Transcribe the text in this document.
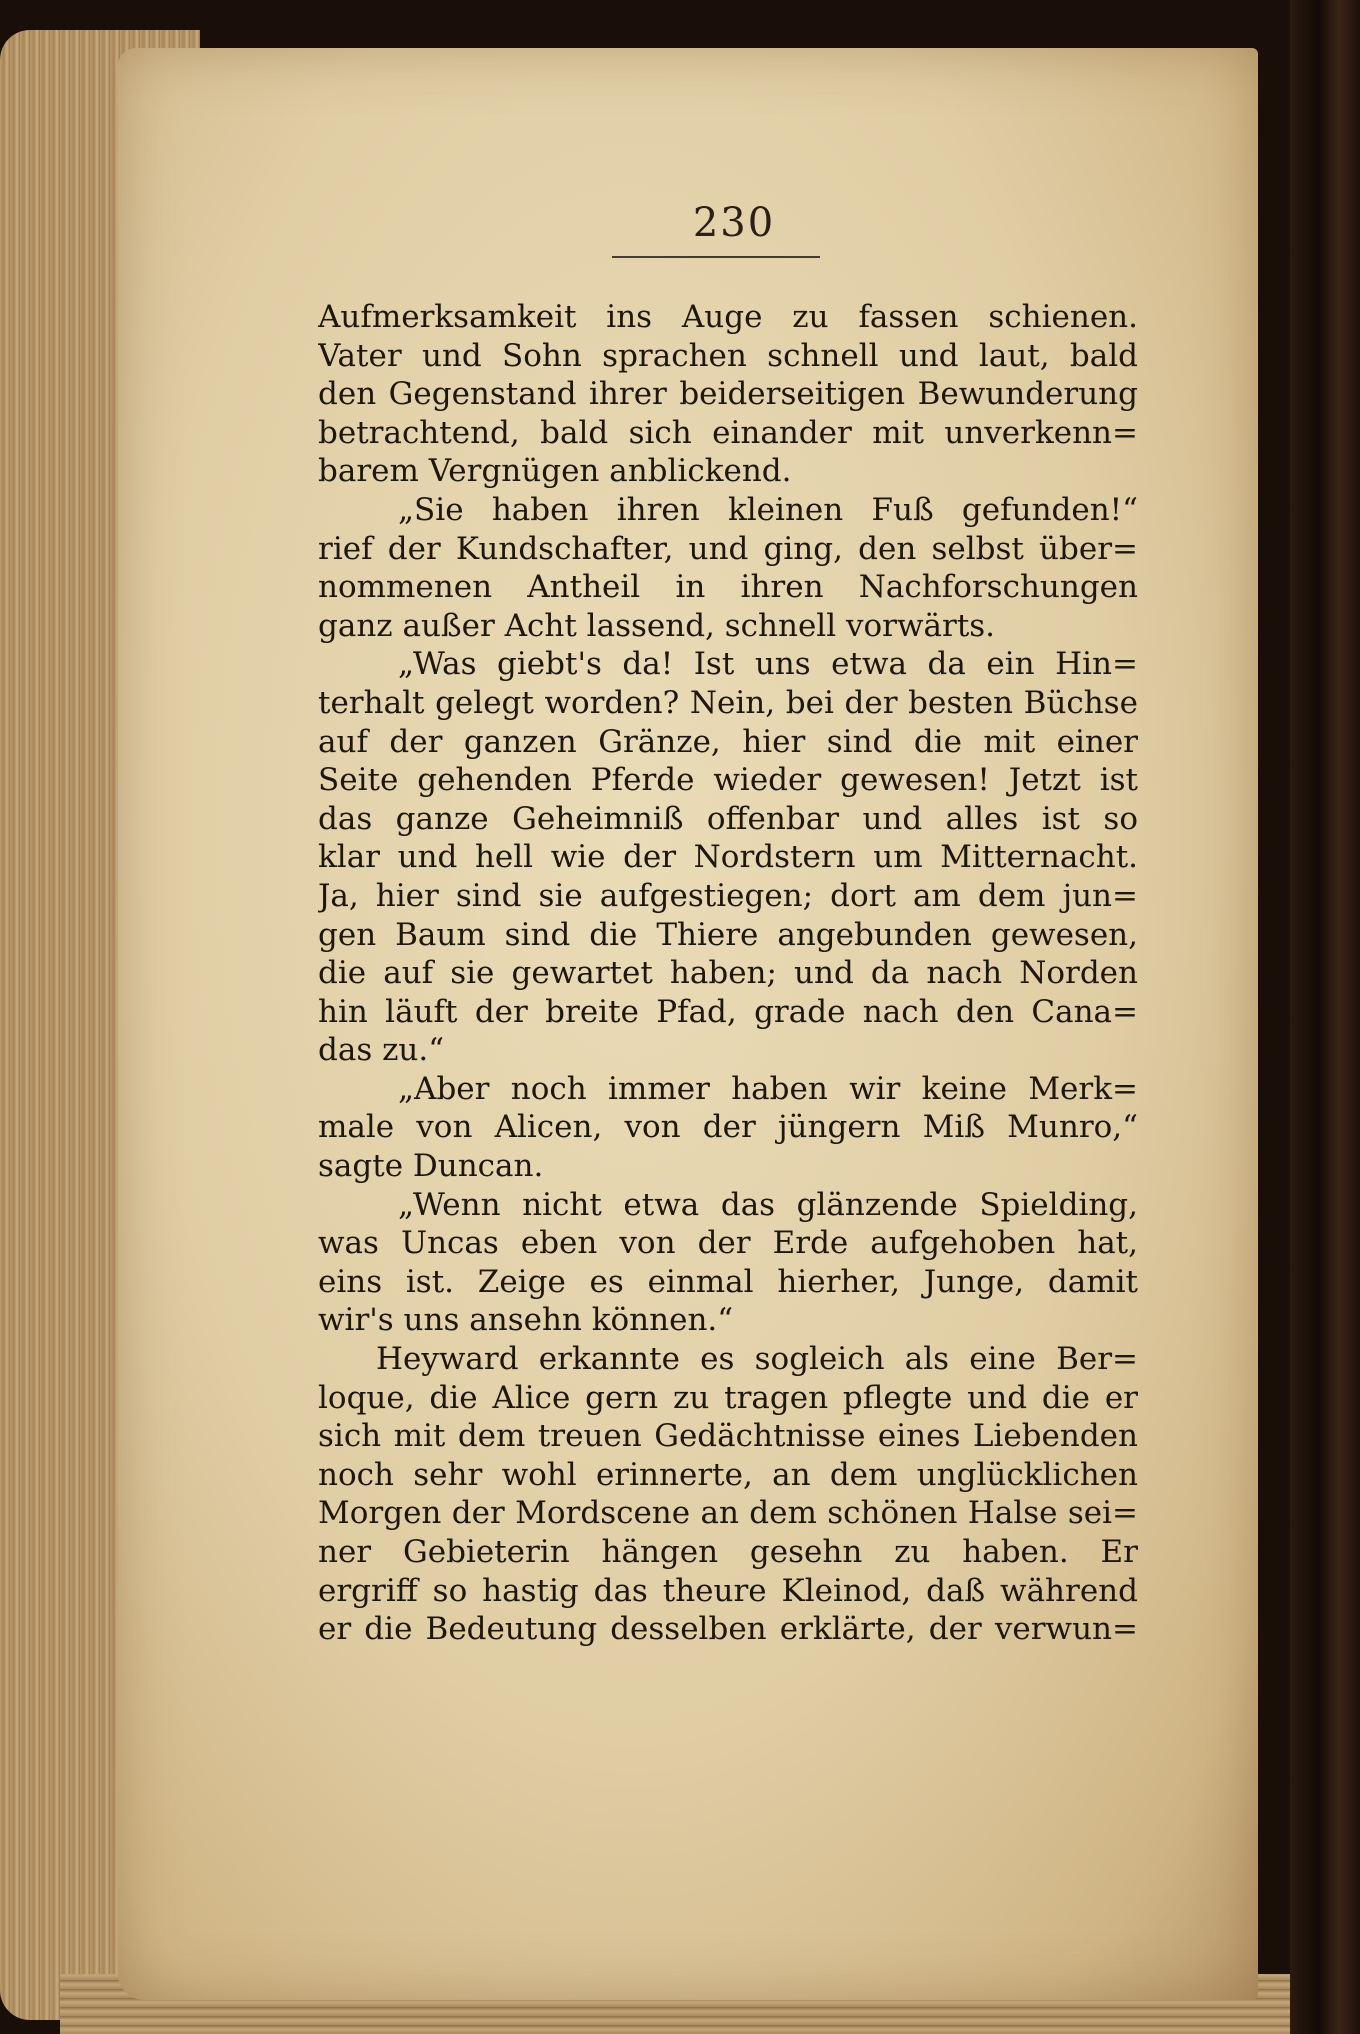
230
Aufmerksamkeit ins Auge zu fassen schienen.
Vater und Sohn sprachen schnell und laut, bald
den Gegenstand ihrer beiderseitigen Bewunderung
betrachtend, bald sich einander mit unverkenn=
barem Vergnügen anblickend.
„Sie haben ihren kleinen Fuß gefunden!“
rief der Kundschafter, und ging, den selbst über=
nommenen Antheil in ihren Nachforschungen
ganz außer Acht lassend, schnell vorwärts.
„Was giebt's da! Ist uns etwa da ein Hin=
terhalt gelegt worden? Nein, bei der besten Büchse
auf der ganzen Gränze, hier sind die mit einer
Seite gehenden Pferde wieder gewesen! Jetzt ist
das ganze Geheimniß offenbar und alles ist so
klar und hell wie der Nordstern um Mitternacht.
Ja, hier sind sie aufgestiegen; dort am dem jun=
gen Baum sind die Thiere angebunden gewesen,
die auf sie gewartet haben; und da nach Norden
hin läuft der breite Pfad, grade nach den Cana=
das zu.“
„Aber noch immer haben wir keine Merk=
male von Alicen, von der jüngern Miß Munro,“
sagte Duncan.
„Wenn nicht etwa das glänzende Spielding,
was Uncas eben von der Erde aufgehoben hat,
eins ist. Zeige es einmal hierher, Junge, damit
wir's uns ansehn können.“
Heyward erkannte es sogleich als eine Ber=
loque, die Alice gern zu tragen pflegte und die er
sich mit dem treuen Gedächtnisse eines Liebenden
noch sehr wohl erinnerte, an dem unglücklichen
Morgen der Mordscene an dem schönen Halse sei=
ner Gebieterin hängen gesehn zu haben. Er
ergriff so hastig das theure Kleinod, daß während
er die Bedeutung desselben erklärte, der verwun=
